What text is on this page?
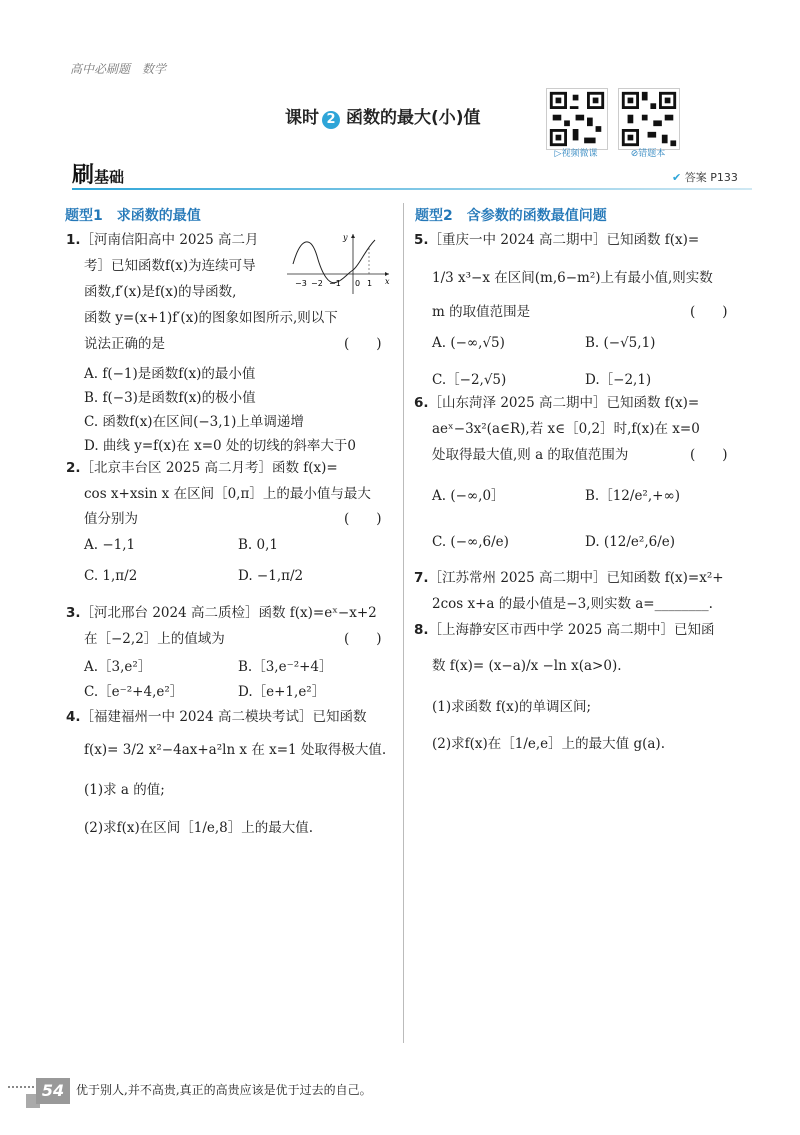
高中必刷题　数学
课时 2 函数的最大(小)值
▷视频微课	⊘错题本
刷基础	✔ 答案 P133
题型1　求函数的最值
1.［河南信阳高中 2025 高二月
考］已知函数f(x)为连续可导
函数,f′(x)是f(x)的导函数,
函数 y=(x+1)f′(x)的图象如图所示,则以下
说法正确的是	(　　)
A. f(−1)是函数f(x)的最小值
B. f(−3)是函数f(x)的极小值
C. 函数f(x)在区间(−3,1)上单调递增
D. 曲线 y=f(x)在 x=0 处的切线的斜率大于0
−3 −2 −1 0 1 x
y
2.［北京丰台区 2025 高二月考］函数 f(x)=
cos x+xsin x 在区间［0,π］上的最小值与最大
值分别为	(　　)
A. −1,1	B. 0,1
C. 1,π/2	D. −1,π/2
3.［河北邢台 2024 高二质检］函数 f(x)=eˣ−x+2
在［−2,2］上的值域为	(　　)
A.［3,e²］	B.［3,e⁻²+4］
C.［e⁻²+4,e²］	D.［e+1,e²］
4.［福建福州一中 2024 高二模块考试］已知函数
f(x)= 3/2 x²−4ax+a²ln x 在 x=1 处取得极大值.
(1)求 a 的值;
(2)求f(x)在区间［1/e,8］上的最大值.
题型2　含参数的函数最值问题
5.［重庆一中 2024 高二期中］已知函数 f(x)=
1/3 x³−x 在区间(m,6−m²)上有最小值,则实数
m 的取值范围是	(　　)
A. (−∞,√5)	B. (−√5,1)
C.［−2,√5)	D.［−2,1)
6.［山东菏泽 2025 高二期中］已知函数 f(x)=
aeˣ−3x²(a∈R),若 x∈［0,2］时,f(x)在 x=0
处取得最大值,则 a 的取值范围为	(　　)
A. (−∞,0］	B.［12/e²,+∞)
C. (−∞,6/e)	D. (12/e²,6/e)
7.［江苏常州 2025 高二期中］已知函数 f(x)=x²+
2cos x+a 的最小值是−3,则实数 a=________.
8.［上海静安区市西中学 2025 高二期中］已知函
数 f(x)= (x−a)/x −ln x(a>0).
(1)求函数 f(x)的单调区间;
(2)求f(x)在［1/e,e］上的最大值 g(a).
54 优于别人,并不高贵,真正的高贵应该是优于过去的自己。
